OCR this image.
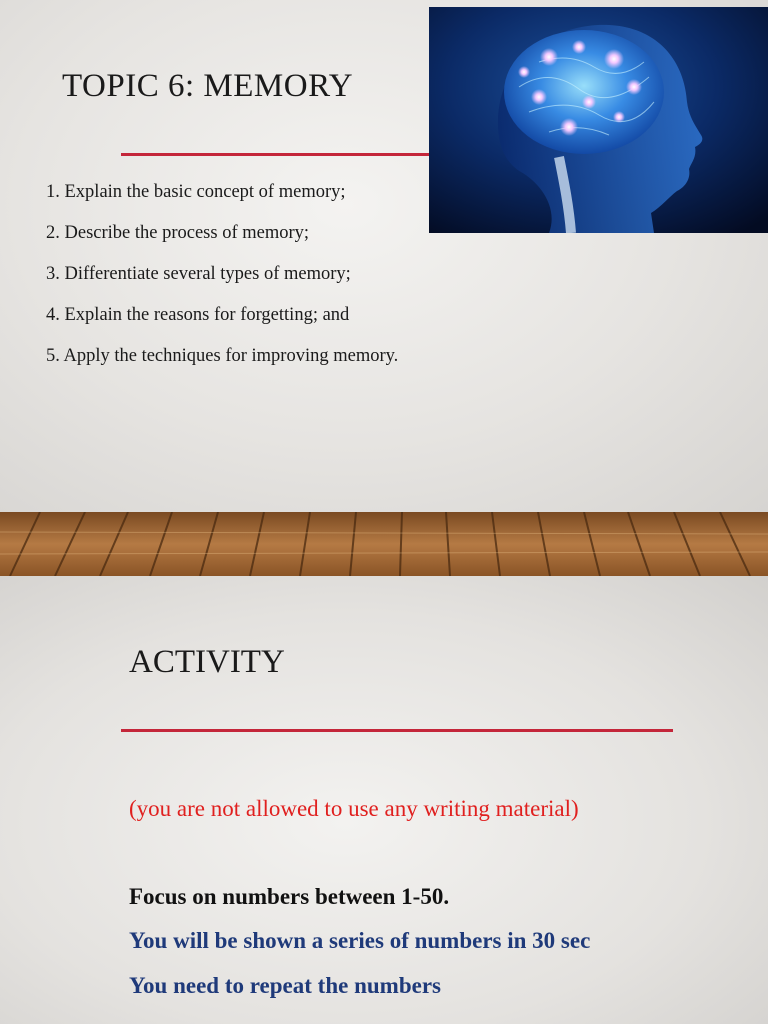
TOPIC 6: MEMORY
1. Explain the basic concept of memory;
2. Describe the process of memory;
3. Differentiate several types of memory;
4. Explain the reasons for forgetting; and
5. Apply the techniques for improving memory.
ACTIVITY
(you are not allowed to use any writing material)
Focus on numbers between 1-50.
You will be shown a series of numbers in 30 sec
You need to repeat the numbers
